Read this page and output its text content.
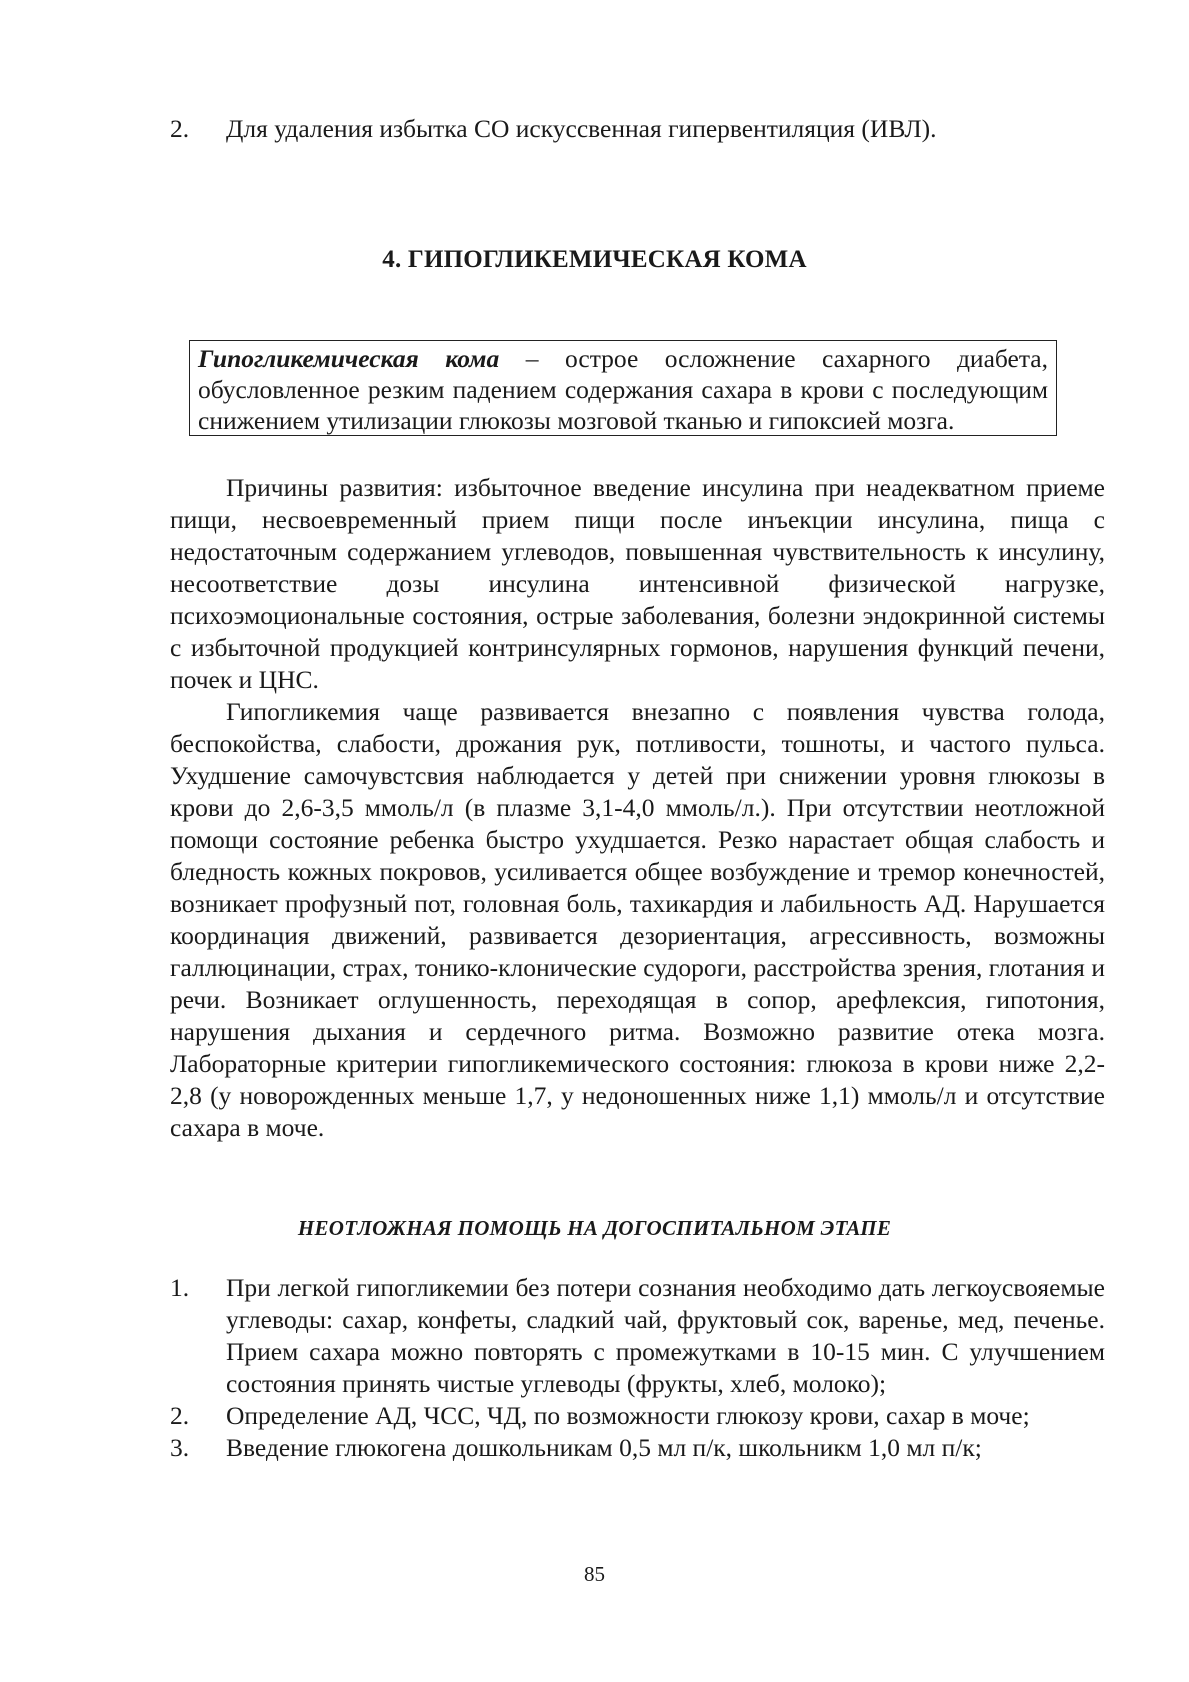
2.	Для удаления избытка СО искуссвенная гипервентиляция (ИВЛ).
4. ГИПОГЛИКЕМИЧЕСКАЯ КОМА
Гипогликемическая кома – острое осложнение сахарного диабета, обусловленное резким падением содержания сахара в крови с последующим снижением утилизации глюкозы мозговой тканью и гипоксией мозга.

Причины развития: избыточное введение инсулина при неадекватном приеме пищи, несвоевременный прием пищи после инъекции инсулина, пища с недостаточным содержанием углеводов, повышенная чувствительность к инсулину, несоответствие дозы инсулина интенсивной физической нагрузке, психоэмоциональные состояния, острые заболевания, болезни эндокринной системы с избыточной продукцией контринсулярных гормонов, нарушения функций печени, почек и ЦНС.

Гипогликемия чаще развивается внезапно с появления чувства голода, беспокойства, слабости, дрожания рук, потливости, тошноты, и частого пульса. Ухудшение самочувстсвия наблюдается у детей при снижении уровня глюкозы в крови до 2,6-3,5 ммоль/л (в плазме 3,1-4,0 ммоль/л.). При отсутствии неотложной помощи состояние ребенка быстро ухудшается. Резко нарастает общая слабость и бледность кожных покровов, усиливается общее возбуждение и тремор конечностей, возникает профузный пот, головная боль, тахикардия и лабильность АД. Нарушается координация движений, развивается дезориентация, агрессивность, возможны галлюцинации, страх, тонико-клонические судороги, расстройства зрения, глотания и речи. Возникает оглушенность, переходящая в сопор, арефлексия, гипотония, нарушения дыхания и сердечного ритма. Возможно развитие отека мозга. Лабораторные критерии гипогликемического состояния: глюкоза в крови ниже 2,2-2,8 (у новорожденных меньше 1,7, у недоношенных ниже 1,1) ммоль/л и отсутствие сахара в моче.

НЕОТЛОЖНАЯ ПОМОЩЬ НА ДОГОСПИТАЛЬНОМ ЭТАПЕ
1.	При легкой гипогликемии без потери сознания необходимо дать легкоусвояемые углеводы: сахар, конфеты, сладкий чай, фруктовый сок, варенье, мед, печенье. Прием сахара можно повторять с промежутками в 10-15 мин. С улучшением состояния принять чистые углеводы (фрукты, хлеб, молоко);
2.	Определение АД, ЧСС, ЧД, по возможности глюкозу крови, сахар в моче;
3.	Введение глюкогена дошкольникам 0,5 мл п/к, школьникм 1,0 мл п/к;
85
